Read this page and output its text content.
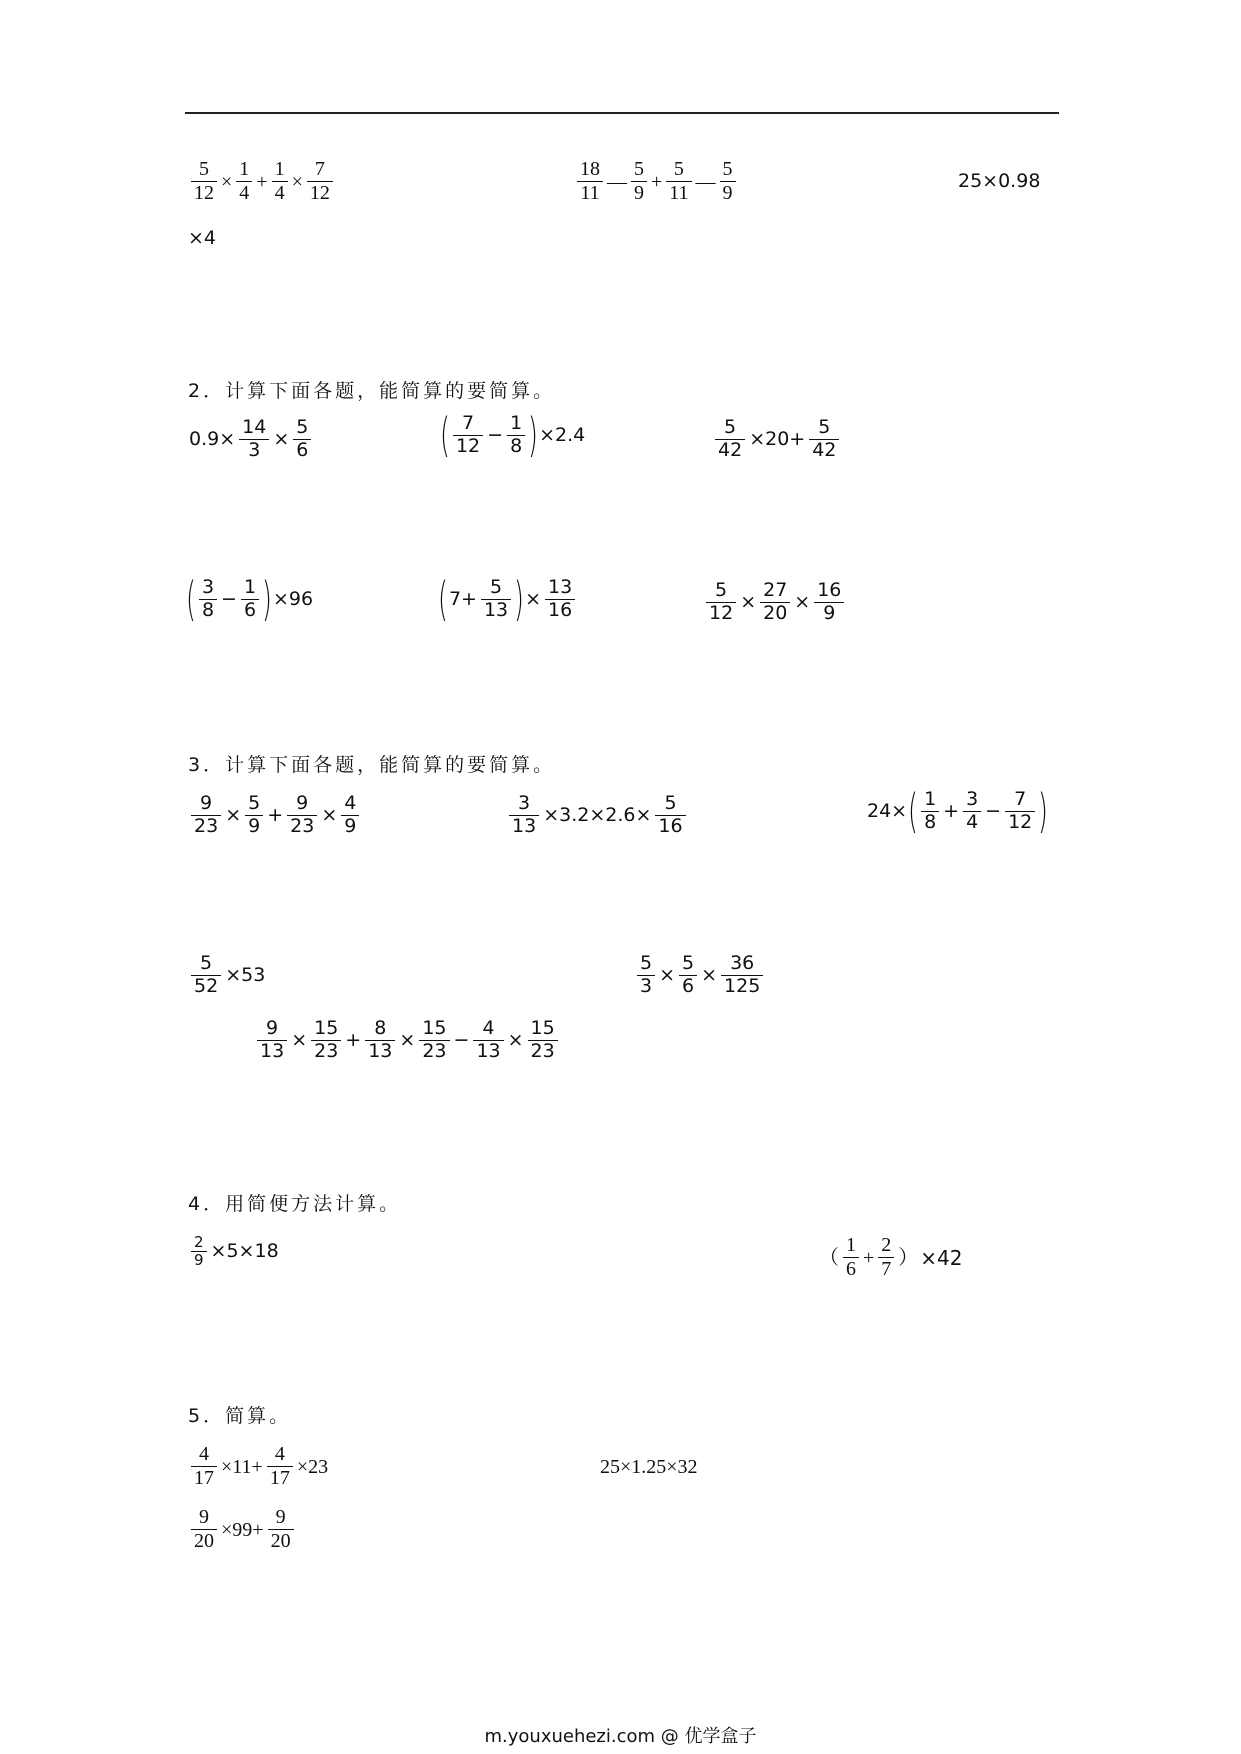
$\frac{5}{12} \times \frac{1}{4} + \frac{1}{4} \times \frac{7}{12}$	$\frac{18}{11}$ — $\frac{5}{9} + \frac{5}{11}$ — $\frac{5}{9}$	25×0.98
×4
2．计算下面各题，能简算的要简算。
$0.9\times \frac{14}{3} \times \frac{5}{6}$	( $\frac{7}{12} - \frac{1}{8}$ ) ×2.4	$\frac{5}{42} \times 20+ \frac{5}{42}$
( $\frac{3}{8} - \frac{1}{6}$ ) ×96	( $7+ \frac{5}{13}$ ) × $\frac{13}{16}$	$\frac{5}{12} \times \frac{27}{20} \times \frac{16}{9}$
3．计算下面各题，能简算的要简算。
$\frac{9}{23} \times \frac{5}{9} + \frac{9}{23} \times \frac{4}{9}$	$\frac{3}{13} \times 3.2\times 2.6\times \frac{5}{16}$	24× ( $\frac{1}{8} + \frac{3}{4} - \frac{7}{12}$ )
$\frac{5}{52} \times 53$	$\frac{5}{3} \times \frac{5}{6} \times \frac{36}{125}$
$\frac{9}{13} \times \frac{15}{23} + \frac{8}{13} \times \frac{15}{23} - \frac{4}{13} \times \frac{15}{23}$
4．用简便方法计算。
$\frac{2}{9} \times 5\times 18$	（ $\frac{1}{6} + \frac{2}{7}$ ） ×42
5．简算。
$\frac{4}{17} \times 11+ \frac{4}{17} \times 23$	25×1.25×32
$\frac{9}{20} \times 99+ \frac{9}{20}$
m.youxuehezi.com @ 优学盒子
